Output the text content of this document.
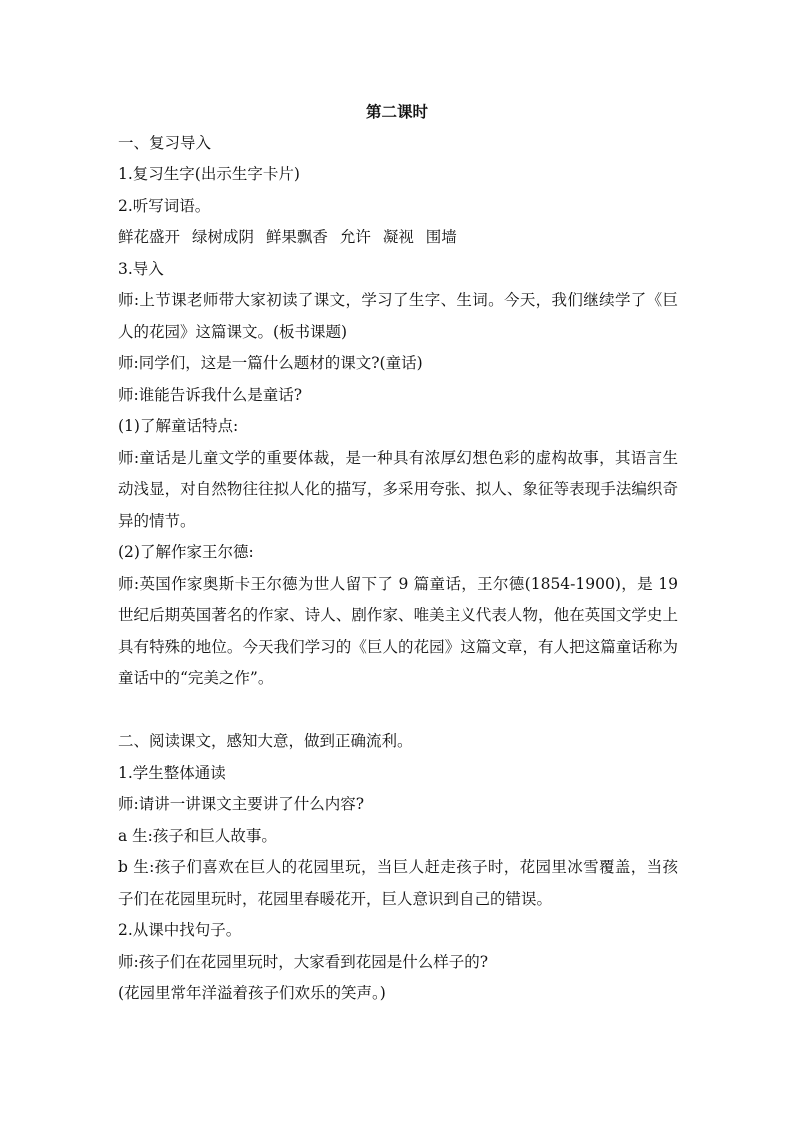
第二课时

一、复习导入

1.复习生字(出示生字卡片)

2.听写词语。

鲜花盛开 绿树成阴 鲜果飘香 允许 凝视 围墙

3.导入

师:上节课老师带大家初读了课文，学习了生字、生词。今天，我们继续学了《巨人的花园》这篇课文。(板书课题)

师:同学们，这是一篇什么题材的课文?(童话)

师:谁能告诉我什么是童话?

(1)了解童话特点:

师:童话是儿童文学的重要体裁，是一种具有浓厚幻想色彩的虚构故事，其语言生动浅显，对自然物往往拟人化的描写，多采用夸张、拟人、象征等表现手法编织奇异的情节。

(2)了解作家王尔德:

师:英国作家奥斯卡王尔德为世人留下了 9 篇童话，王尔德(1854-1900)，是 19 世纪后期英国著名的作家、诗人、剧作家、唯美主义代表人物，他在英国文学史上具有特殊的地位。今天我们学习的《巨人的花园》这篇文章，有人把这篇童话称为童话中的“完美之作”。

二、阅读课文，感知大意，做到正确流利。

1.学生整体通读

师:请讲一讲课文主要讲了什么内容?

a 生:孩子和巨人故事。

b 生:孩子们喜欢在巨人的花园里玩，当巨人赶走孩子时，花园里冰雪覆盖，当孩子们在花园里玩时，花园里春暖花开，巨人意识到自己的错误。

2.从课中找句子。

师:孩子们在花园里玩时，大家看到花园是什么样子的?

(花园里常年洋溢着孩子们欢乐的笑声。)
